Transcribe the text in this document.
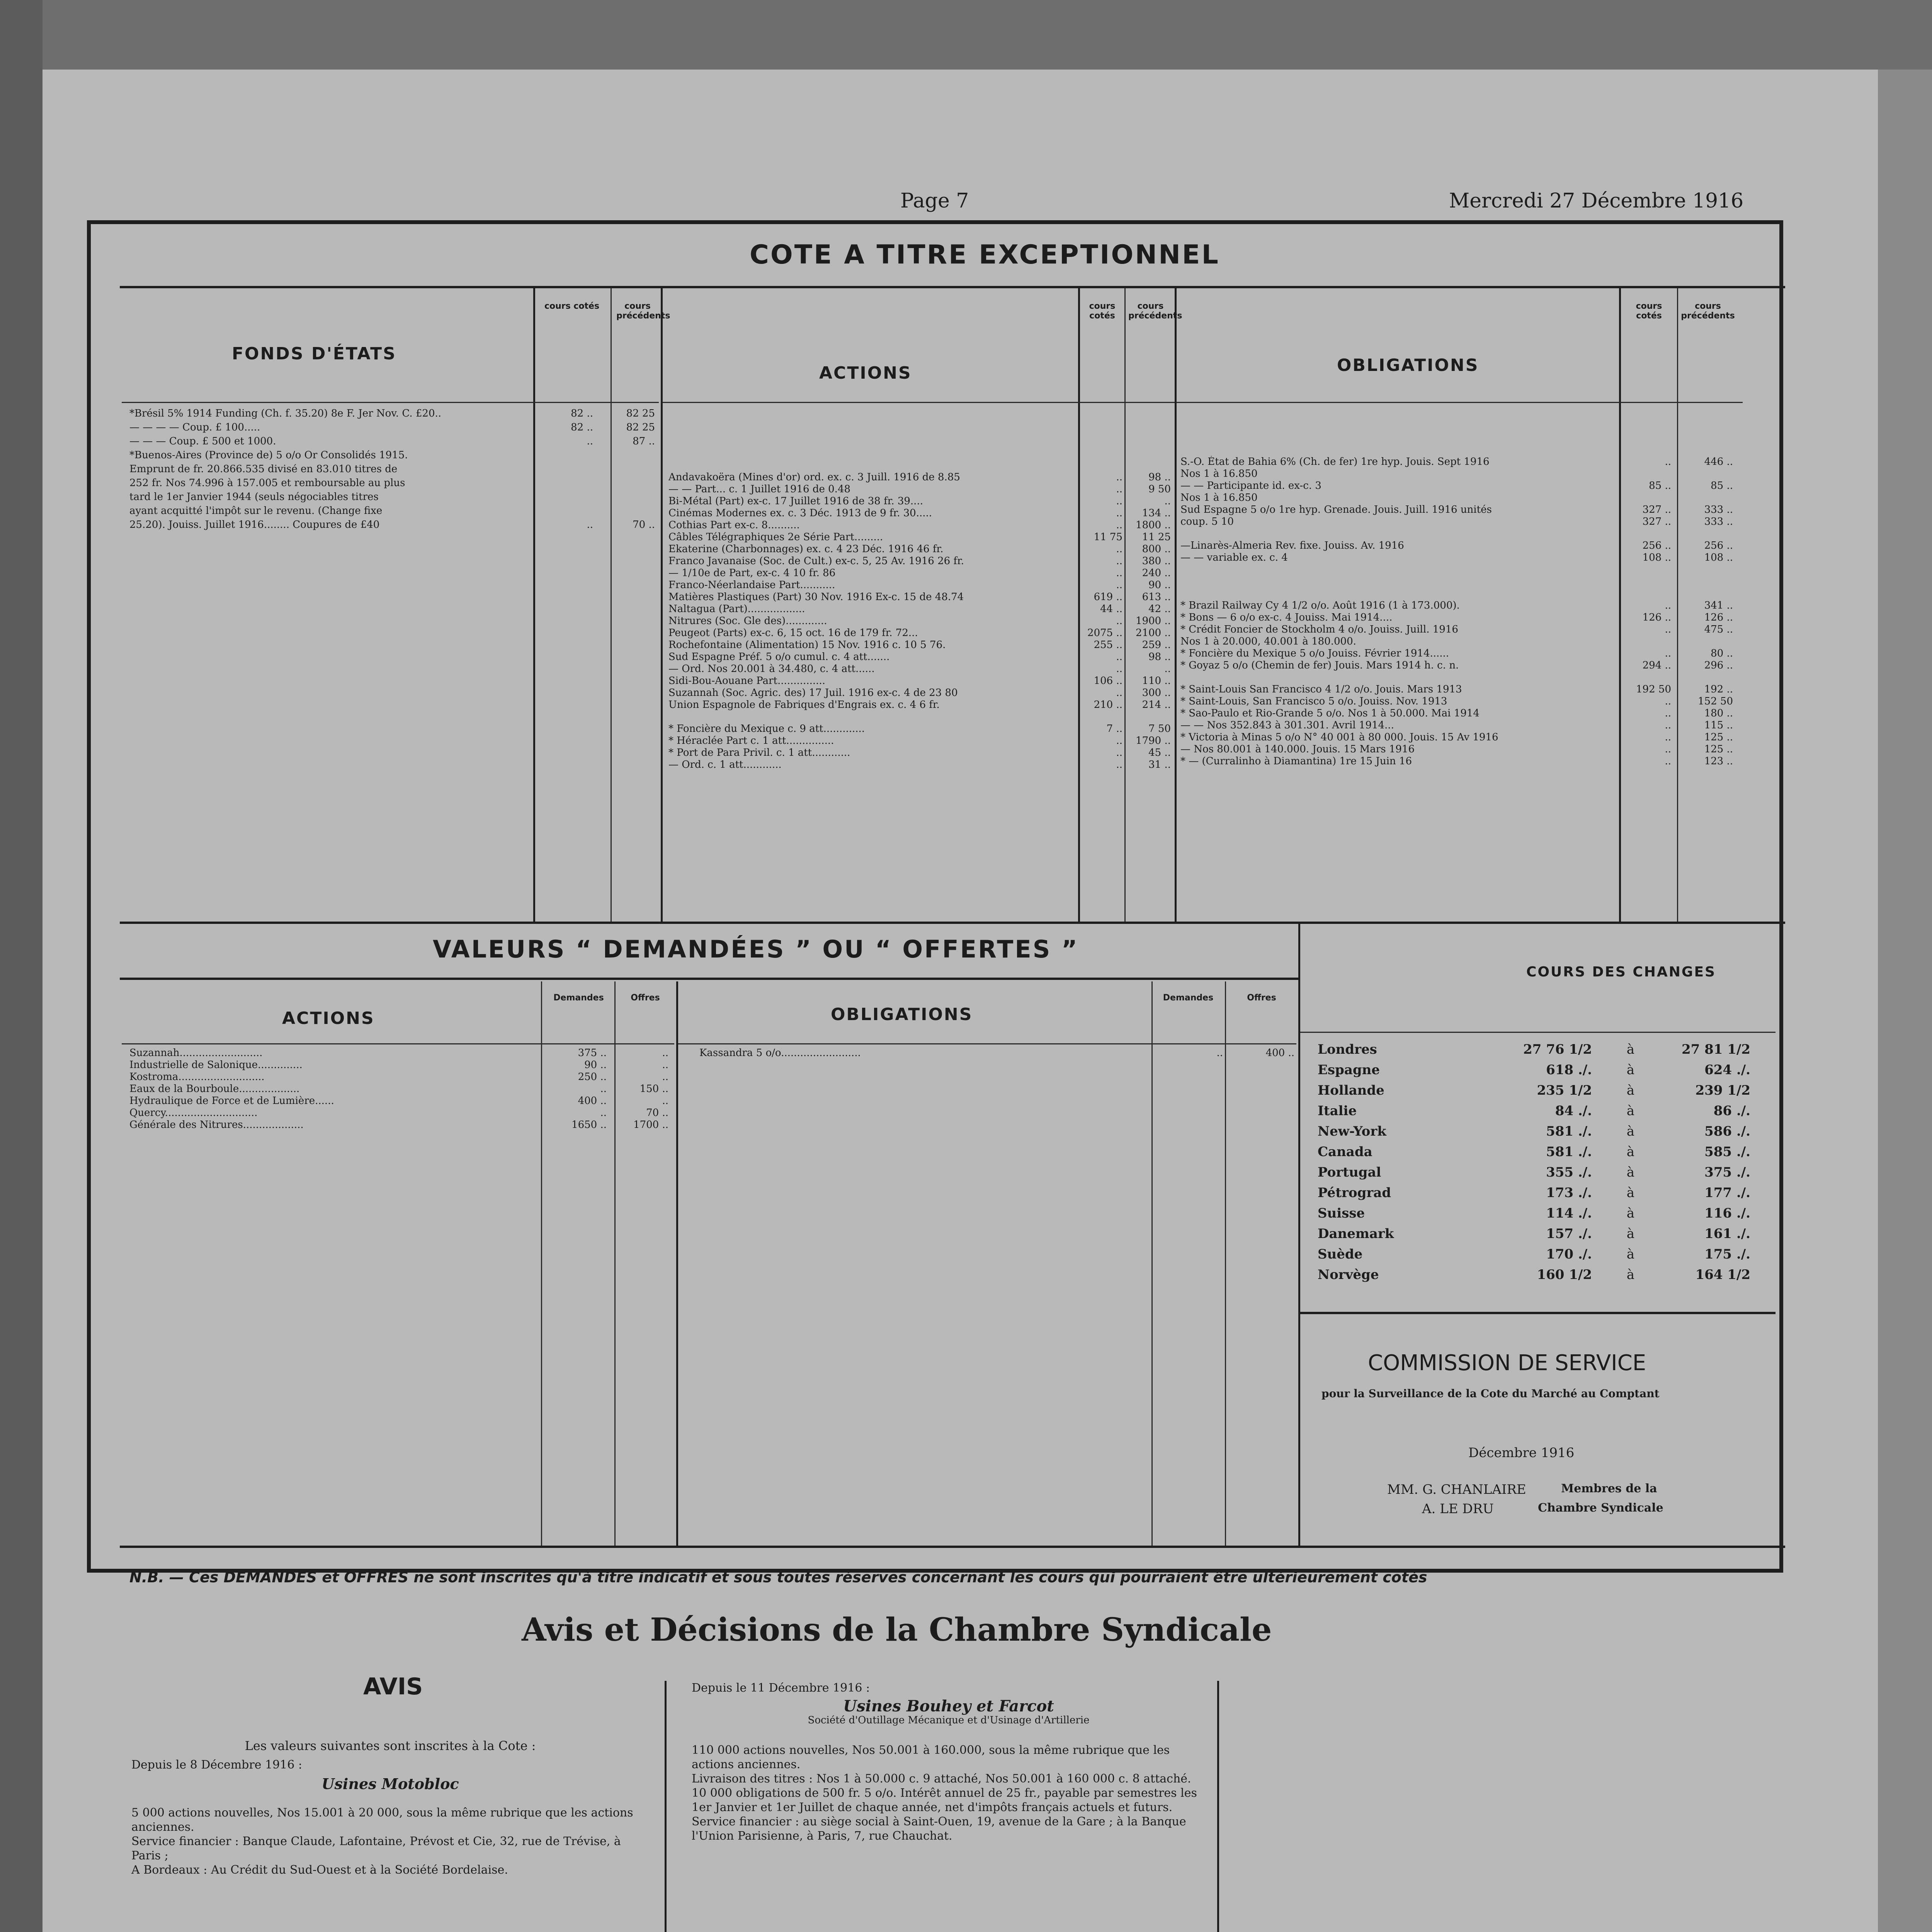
Page 7	Mercredi 27 Décembre 1916
COTE A TITRE EXCEPTIONNEL
FONDS D'ÉTATS
cours cotés	cours précédents
*Brésil 5% 1914 Funding (Ch. f. 35.20) 8e F. Jer Nov. C. £20..	82 ..	82 25
— — — — Coup. £ 100.....	82 ..	82 25
— — — Coup. £ 500 et 1000.	..	87 ..
*Buenos-Aires (Province de) 5 o/o Or Consolidés 1915.
Emprunt de fr. 20.866.535 divisé en 83.010 titres de
252 fr. Nos 74.996 à 157.005 et remboursable au plus
tard le 1er Janvier 1944 (seuls négociables titres
ayant acquitté l'impôt sur le revenu. (Change fixe
25.20). Jouiss. Juillet 1916........ Coupures de £40	..	70 ..
ACTIONS
cours cotés
cours précédents
Andavakoëra (Mines d'or) ord. ex. c. 3 Juill. 1916 de 8.85	..	98 ..
— — Part... c. 1 Juillet 1916 de 0.48	..	9 50
Bi-Métal (Part) ex-c. 17 Juillet 1916 de 38 fr. 39....	..	..
Cinémas Modernes ex. c. 3 Déc. 1913 de 9 fr. 30.....	..	134 ..
Cothias Part ex-c. 8..........	..	1800 ..
Câbles Télégraphiques 2e Série Part.........	11 75	11 25
Ekaterine (Charbonnages) ex. c. 4 23 Déc. 1916 46 fr.	..	800 ..
Franco Javanaise (Soc. de Cult.) ex-c. 5, 25 Av. 1916 26 fr.	..	380 ..
— 1/10e de Part, ex-c. 4 10 fr. 86	..	240 ..
Franco-Néerlandaise Part...........	..	90 ..
Matières Plastiques (Part) 30 Nov. 1916 Ex-c. 15 de 48.74	619 ..	613 ..
Naltagua (Part)..................	44 ..	42 ..
Nitrures (Soc. Gle des).............	..	1900 ..
Peugeot (Parts) ex-c. 6, 15 oct. 16 de 179 fr. 72...	2075 ..	2100 ..
Rochefontaine (Alimentation) 15 Nov. 1916 c. 10 5 76.	255 ..	259 ..
Sud Espagne Préf. 5 o/o cumul. c. 4 att.......	..	98 ..
— Ord. Nos 20.001 à 34.480, c. 4 att......	..	..
Sidi-Bou-Aouane Part...............	106 ..	110 ..
Suzannah (Soc. Agric. des) 17 Juil. 1916 ex-c. 4 de 23 80	..	300 ..
Union Espagnole de Fabriques d'Engrais ex. c. 4 6 fr.	210 ..	214 ..
* Foncière du Mexique c. 9 att.............	7 ..	7 50
* Héraclée Part c. 1 att...............	..	1790 ..
* Port de Para Privil. c. 1 att............	..	45 ..
— Ord. c. 1 att............	..	31 ..
OBLIGATIONS
cours cotés
cours précédents
S.-O. État de Bahia 6% (Ch. de fer) 1re hyp. Jouis. Sept 1916	..	446 ..
Nos 1 à 16.850
— — Participante id. ex-c. 3	85 ..	85 ..
Nos 1 à 16.850
Sud Espagne 5 o/o 1re hyp. Grenade. Jouis. Juill. 1916 unités	327 ..	333 ..
coup. 5 10	327 ..	333 ..
—Linarès-Almeria Rev. fixe. Jouiss. Av. 1916	256 ..	256 ..
— — variable ex. c. 4	108 ..	108 ..
* Brazil Railway Cy 4 1/2 o/o. Août 1916 (1 à 173.000).	..	341 ..
* Bons — 6 o/o ex-c. 4 Jouiss. Mai 1914....	126 ..	126 ..
* Crédit Foncier de Stockholm 4 o/o. Jouiss. Juill. 1916	..	475 ..
Nos 1 à 20.000, 40.001 à 180.000.
* Foncière du Mexique 5 o/o Jouiss. Février 1914......	..	80 ..
* Goyaz 5 o/o (Chemin de fer) Jouis. Mars 1914 h. c. n.	294 ..	296 ..
* Saint-Louis San Francisco 4 1/2 o/o. Jouis. Mars 1913	192 50	192 ..
* Saint-Louis, San Francisco 5 o/o. Jouiss. Nov. 1913	..	152 50
* Sao-Paulo et Rio-Grande 5 o/o. Nos 1 à 50.000. Mai 1914	..	180 ..
— — Nos 352.843 à 301.301. Avril 1914...	..	115 ..
* Victoria à Minas 5 o/o N° 40 001 à 80 000. Jouis. 15 Av 1916	..	125 ..
— Nos 80.001 à 140.000. Jouis. 15 Mars 1916	..	125 ..
* — (Curralinho à Diamantina) 1re 15 Juin 16	..	123 ..
VALEURS “ DEMANDÉES ” OU “ OFFERTES ”
ACTIONS
Demandes	Offres
Suzannah..........................	375 ..	..
Industrielle de Salonique..............	90 ..	..
Kostroma...........................	250 ..	..
Eaux de la Bourboule...................	..	150 ..
Hydraulique de Force et de Lumière......	400 ..	..
Quercy.............................	..	70 ..
Générale des Nitrures...................	1650 ..	1700 ..
OBLIGATIONS
Demandes	Offres
Kassandra 5 o/o.........................	..	400 ..
COURS DES CHANGES
Londres	27 76 1/2	à	27 81 1/2
Espagne	618 ./.	à	624 ./.
Hollande	235 1/2	à	239 1/2
Italie	84 ./.	à	86 ./.
New-York	581 ./.	à	586 ./.
Canada	581 ./.	à	585 ./.
Portugal	355 ./.	à	375 ./.
Pétrograd	173 ./.	à	177 ./.
Suisse	114 ./.	à	116 ./.
Danemark	157 ./.	à	161 ./.
Suède	170 ./.	à	175 ./.
Norvège	160 1/2	à	164 1/2
COMMISSION DE SERVICE
pour la Surveillance de la Cote du Marché au Comptant
Décembre 1916
MM. G. CHANLAIRE
A. LE DRU
Membres de la
Chambre Syndicale
N.B. — Ces DEMANDES et OFFRES ne sont inscrites qu'à titre indicatif et sous toutes réserves concernant les cours qui pourraient être ultérieurement cotés
Avis et Décisions de la Chambre Syndicale
AVIS
Les valeurs suivantes sont inscrites à la Cote :
Depuis le 8 Décembre 1916 :
Usines Motobloc
5 000 actions nouvelles, Nos 15.001 à 20 000, sous la même rubrique que les actions anciennes.
Service financier : Banque Claude, Lafontaine, Prévost et Cie, 32, rue de Trévise, à Paris ;
A Bordeaux : Au Crédit du Sud-Ouest et à la Société Bordelaise.
Depuis le 11 Décembre 1916 :
Usines Bouhey et Farcot
Société d'Outillage Mécanique et d'Usinage d'Artillerie
110 000 actions nouvelles, Nos 50.001 à 160.000, sous la même rubrique que les actions anciennes.
Livraison des titres : Nos 1 à 50.000 c. 9 attaché, Nos 50.001 à 160 000 c. 8 attaché.
10 000 obligations de 500 fr. 5 o/o. Intérêt annuel de 25 fr., payable par semestres les 1er Janvier et 1er Juillet de chaque année, net d'impôts français actuels et futurs.
Service financier : au siège social à Saint-Ouen, 19, avenue de la Gare ; à la Banque l'Union Parisienne, à Paris, 7, rue Chauchat.
